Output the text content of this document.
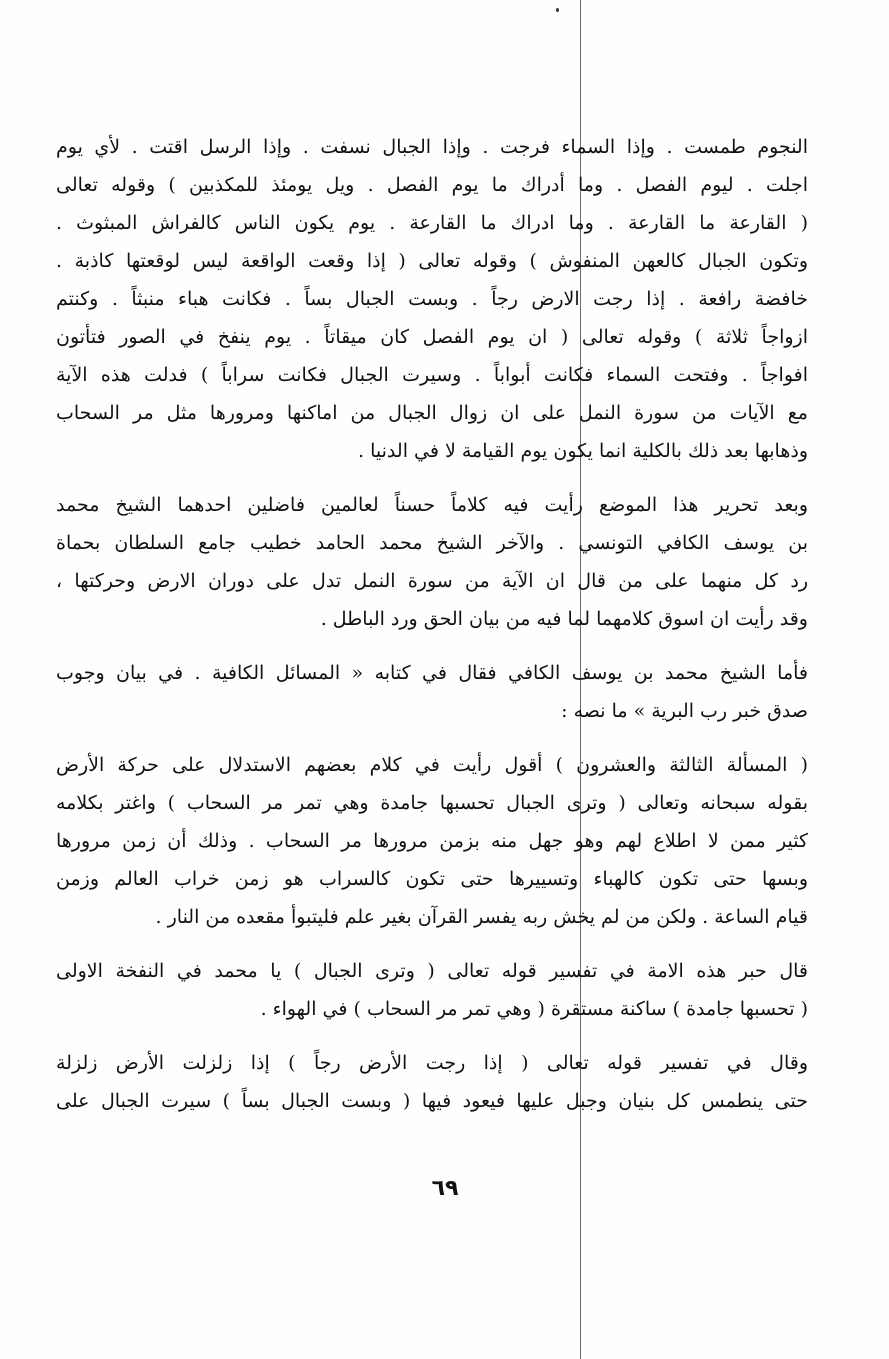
النجوم طمست . وإذا السماء فرجت . وإذا الجبال نسفت . وإذا الرسل اقتت . لأي يوم
اجلت . ليوم الفصل . وما أدراك ما يوم الفصل . ويل يومئذ للمكذبين ) وقوله تعالى
( القارعة ما القارعة . وما ادراك ما القارعة . يوم يكون الناس كالفراش المبثوث .
وتكون الجبال كالعهن المنفوش ) وقوله تعالى ( إذا وقعت الواقعة ليس لوقعتها كاذبة .
خافضة رافعة . إذا رجت الارض رجاً . وبست الجبال بساً . فكانت هباء منبثاً . وكنتم
ازواجاً ثلاثة ) وقوله تعالى ( ان يوم الفصل كان ميقاتاً . يوم ينفخ في الصور فتأتون
افواجاً . وفتحت السماء فكانت أبواباً . وسيرت الجبال فكانت سراباً ) فدلت هذه الآية
مع الآيات من سورة النمل على ان زوال الجبال من اماكنها ومرورها مثل مر السحاب
وذهابها بعد ذلك بالكلية انما يكون يوم القيامة لا في الدنيا .
وبعد تحرير هذا الموضع رأيت فيه كلاماً حسناً لعالمين فاضلين احدهما الشيخ محمد
بن يوسف الكافي التونسي . والآخر الشيخ محمد الحامد خطيب جامع السلطان بحماة
رد كل منهما على من قال ان الآية من سورة النمل تدل على دوران الارض وحركتها ،
وقد رأيت ان اسوق كلامهما لما فيه من بيان الحق ورد الباطل .
فأما الشيخ محمد بن يوسف الكافي فقال في كتابه « المسائل الكافية . في بيان وجوب
صدق خبر رب البرية » ما نصه :
( المسألة الثالثة والعشرون ) أقول رأيت في كلام بعضهم الاستدلال على حركة الأرض
بقوله سبحانه وتعالى ( وترى الجبال تحسبها جامدة وهي تمر مر السحاب ) واغتر بكلامه
كثير ممن لا اطلاع لهم وهو جهل منه بزمن مرورها مر السحاب . وذلك أن زمن مرورها
وبسها حتى تكون كالهباء وتسييرها حتى تكون كالسراب هو زمن خراب العالم وزمن
قيام الساعة . ولكن من لم يخش ربه يفسر القرآن بغير علم فليتبوأ مقعده من النار .
قال حبر هذه الامة في تفسير قوله تعالى ( وترى الجبال ) يا محمد في النفخة الاولى
( تحسبها جامدة ) ساكنة مستقرة ( وهي تمر مر السحاب ) في الهواء .
وقال في تفسير قوله تعالى ( إذا رجت الأرض رجاً ) إذا زلزلت الأرض زلزلة
حتى ينطمس كل بنيان وجبل عليها فيعود فيها ( وبست الجبال بساً ) سيرت الجبال على
٦٩
